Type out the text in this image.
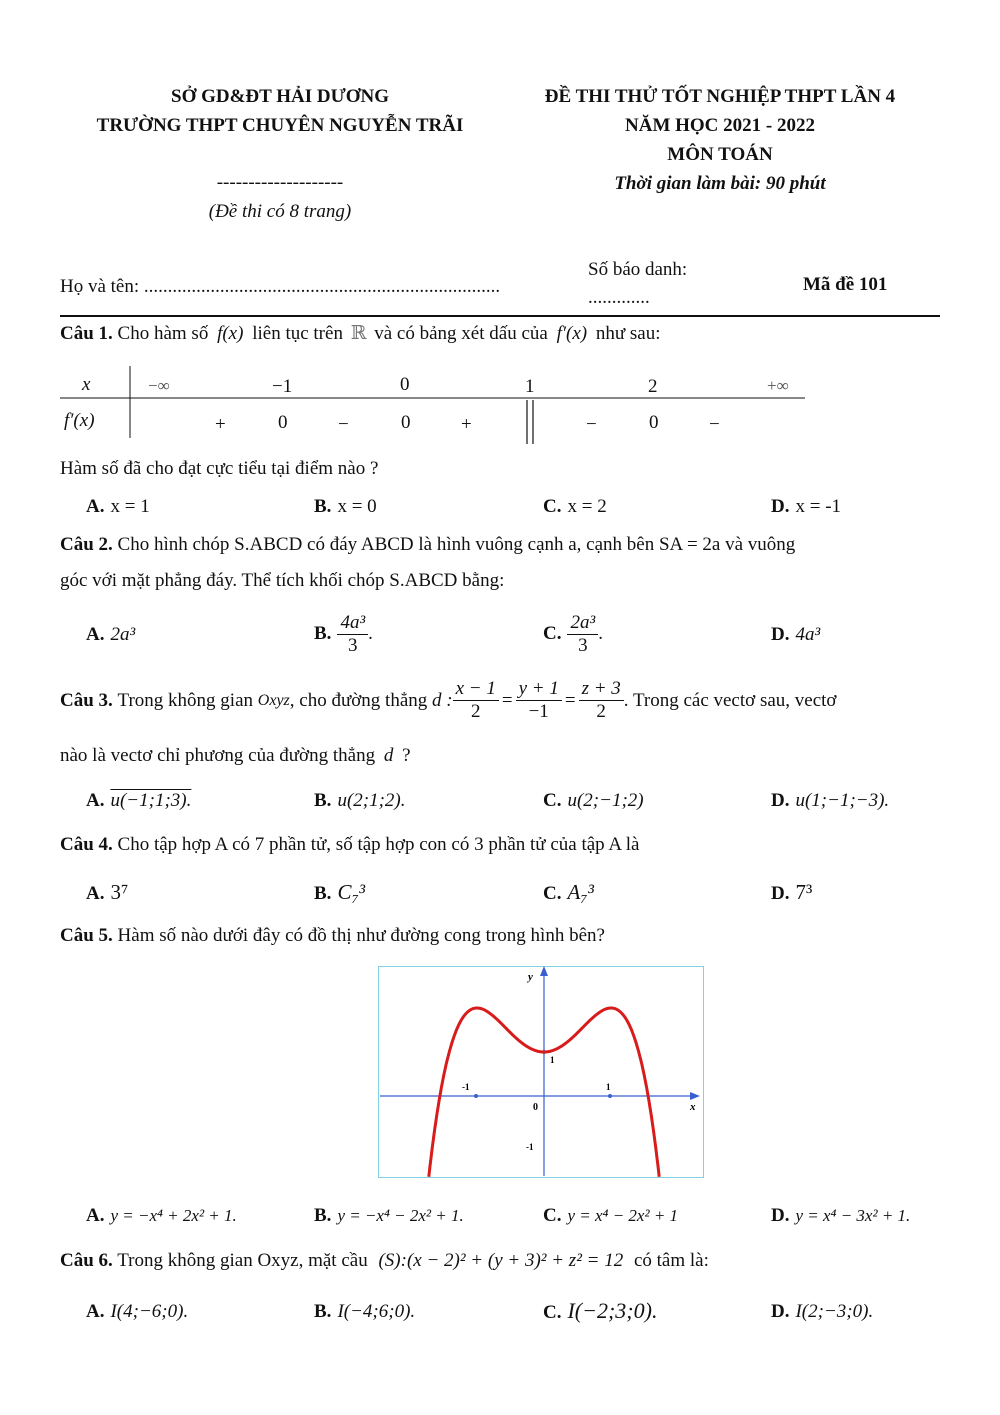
SỞ GD&ĐT HẢI DƯƠNG
TRƯỜNG THPT CHUYÊN NGUYỄN TRÃI
--------------------
(Đề thi có 8 trang)
ĐỀ THI THỬ TỐT NGHIỆP THPT LẦN 4
NĂM HỌC 2021 - 2022
MÔN TOÁN
Thời gian làm bài: 90 phút
Họ và tên: ...........................................................................
Số báo danh:
.............
Mã đề 101
Câu 1. Cho hàm số f(x) liên tục trên ℝ và có bảng xét dấu của f′(x) như sau:
x	−∞	−1	0	1	2	+∞
f′(x)	+	0	−	0	+	−	0	−
Hàm số đã cho đạt cực tiểu tại điểm nào ?
A. x = 1	B. x = 0	C. x = 2	D. x = -1
Câu 2. Cho hình chóp S.ABCD có đáy ABCD là hình vuông cạnh a, cạnh bên SA = 2a và vuông
góc với mặt phẳng đáy. Thể tích khối chóp S.ABCD bằng:
A. 2a³	B. $\frac{\text{4a³}}{3}$ .	C. $\frac{\text{2a³}}{3}$ .	D. 4a³
Câu 3.
Trong không gian
Oxyz , cho đường thẳng
d : $\frac{x - 1}{2} = \frac{y + 1}{-1} = \frac{z + 3}{2}$ . Trong các vectơ sau, vectơ
nào là vectơ chỉ phương của đường thẳng d ?
A. u(−1;1;3).	B. u(2;1;2).	C. u(2;−1;2)	D. u(1;−1;−3).
Câu 4. Cho tập hợp A có 7 phần tử, số tập hợp con có 3 phần tử của tập A là
A. 3⁷	B. C₇³	C. A₇³	D. 7³
Câu 5. Hàm số nào dưới đây có đồ thị như đường cong trong hình bên?
y
x
0
1
-1
-1	1
A. y = −x⁴ + 2x² + 1.	B. y = −x⁴ − 2x² + 1.	C. y = x⁴ − 2x² + 1	D. y = x⁴ − 3x² + 1.
Câu 6. Trong không gian Oxyz, mặt cầu (S):(x − 2)² + (y + 3)² + z² = 12 có tâm là:
A. I(4;−6;0).	B. I(−4;6;0).	C. I(−2;3;0).	D. I(2;−3;0).
